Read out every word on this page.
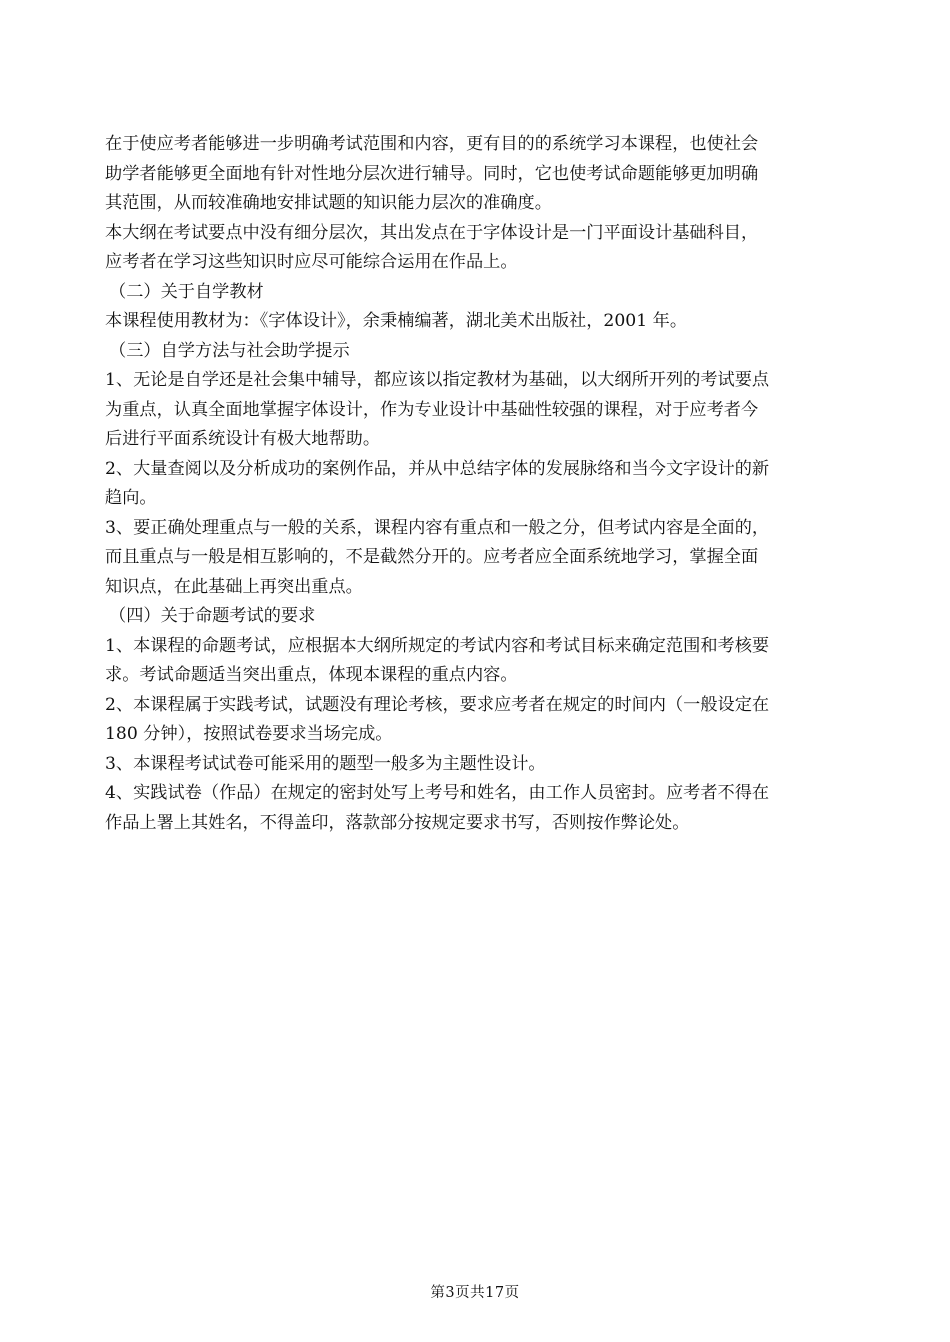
在于使应考者能够进一步明确考试范围和内容，更有目的的系统学习本课程，也使社会
助学者能够更全面地有针对性地分层次进行辅导。同时，它也使考试命题能够更加明确
其范围，从而较准确地安排试题的知识能力层次的准确度。
本大纲在考试要点中没有细分层次，其出发点在于字体设计是一门平面设计基础科目，
应考者在学习这些知识时应尽可能综合运用在作品上。
（二）关于自学教材
本课程使用教材为：《字体设计》，余秉楠编著，湖北美术出版社，2001 年。
（三）自学方法与社会助学提示
1、无论是自学还是社会集中辅导，都应该以指定教材为基础，以大纲所开列的考试要点
为重点，认真全面地掌握字体设计，作为专业设计中基础性较强的课程，对于应考者今
后进行平面系统设计有极大地帮助。
2、大量查阅以及分析成功的案例作品，并从中总结字体的发展脉络和当今文字设计的新
趋向。
3、要正确处理重点与一般的关系，课程内容有重点和一般之分，但考试内容是全面的，
而且重点与一般是相互影响的，不是截然分开的。应考者应全面系统地学习，掌握全面
知识点，在此基础上再突出重点。
（四）关于命题考试的要求
1、本课程的命题考试，应根据本大纲所规定的考试内容和考试目标来确定范围和考核要
求。考试命题适当突出重点，体现本课程的重点内容。
2、本课程属于实践考试，试题没有理论考核，要求应考者在规定的时间内（一般设定在
180 分钟），按照试卷要求当场完成。
3、本课程考试试卷可能采用的题型一般多为主题性设计。
4、实践试卷（作品）在规定的密封处写上考号和姓名，由工作人员密封。应考者不得在
作品上署上其姓名，不得盖印，落款部分按规定要求书写，否则按作弊论处。
第3页共17页
